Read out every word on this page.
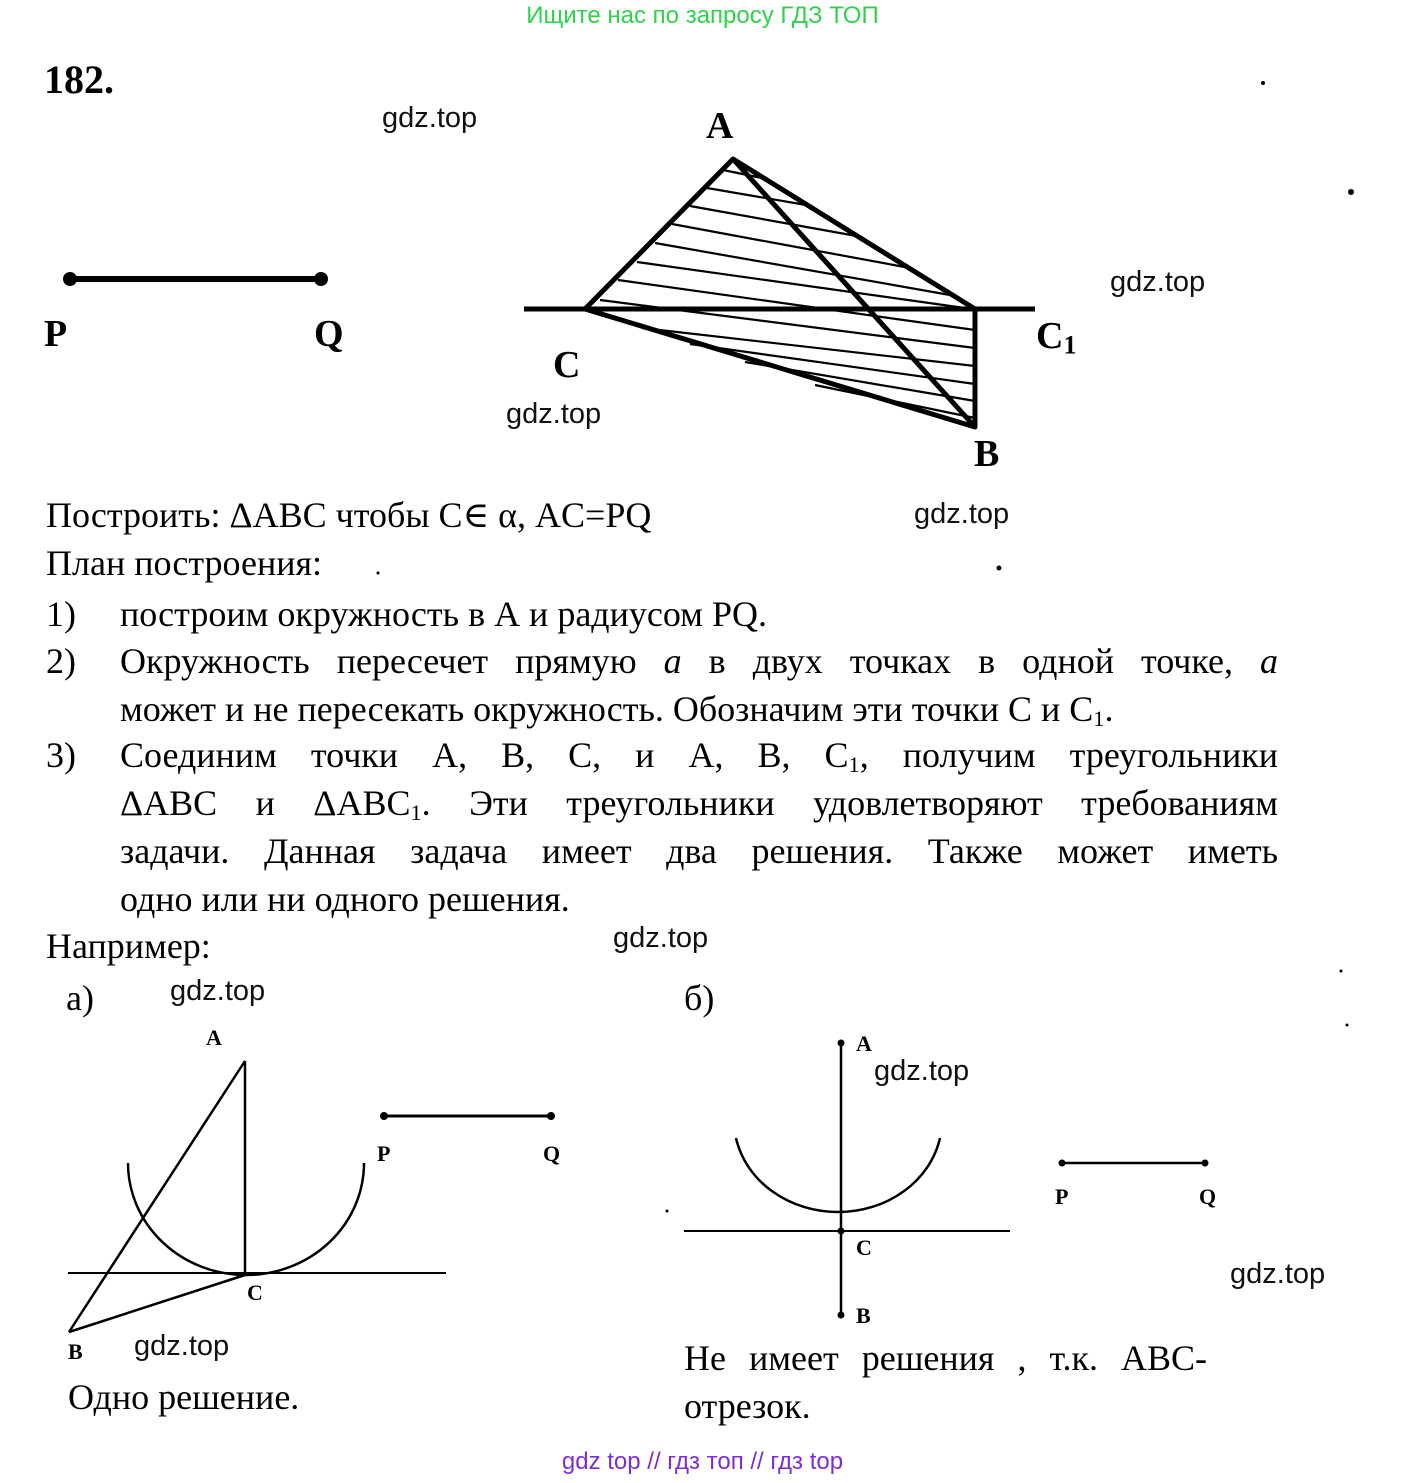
Ищите нас по запросу ГДЗ ТОП
gdz top // гдз топ // гдз top
182.
gdz.top
gdz.top
gdz.top
gdz.top
gdz.top
gdz.top
gdz.top
gdz.top
gdz.top
P	Q
A
C
$C_1$
B
Построить: ΔABC чтобы C∈ α, AC=PQ
План построения:
1) построим окружность в А и радиусом PQ.
2) Окружность пересечет прямую a в двух точках в одной точке, a
может и не пересекать окружность. Обозначим эти точки С и $С_1$.
3) Соединим точки А, В, С, и А, В, $С_1$, получим треугольники
ΔАВС и $\Delta АВС_1$. Эти треугольники удовлетворяют требованиям
задачи. Данная задача имеет два решения. Также может иметь
одно или ни одного решения.
Например:
а)	б)
A
C
B
P	Q
Одно решение.
A
C
B
P	Q
Не имеет решения , т.к. ABC-
отрезок.
